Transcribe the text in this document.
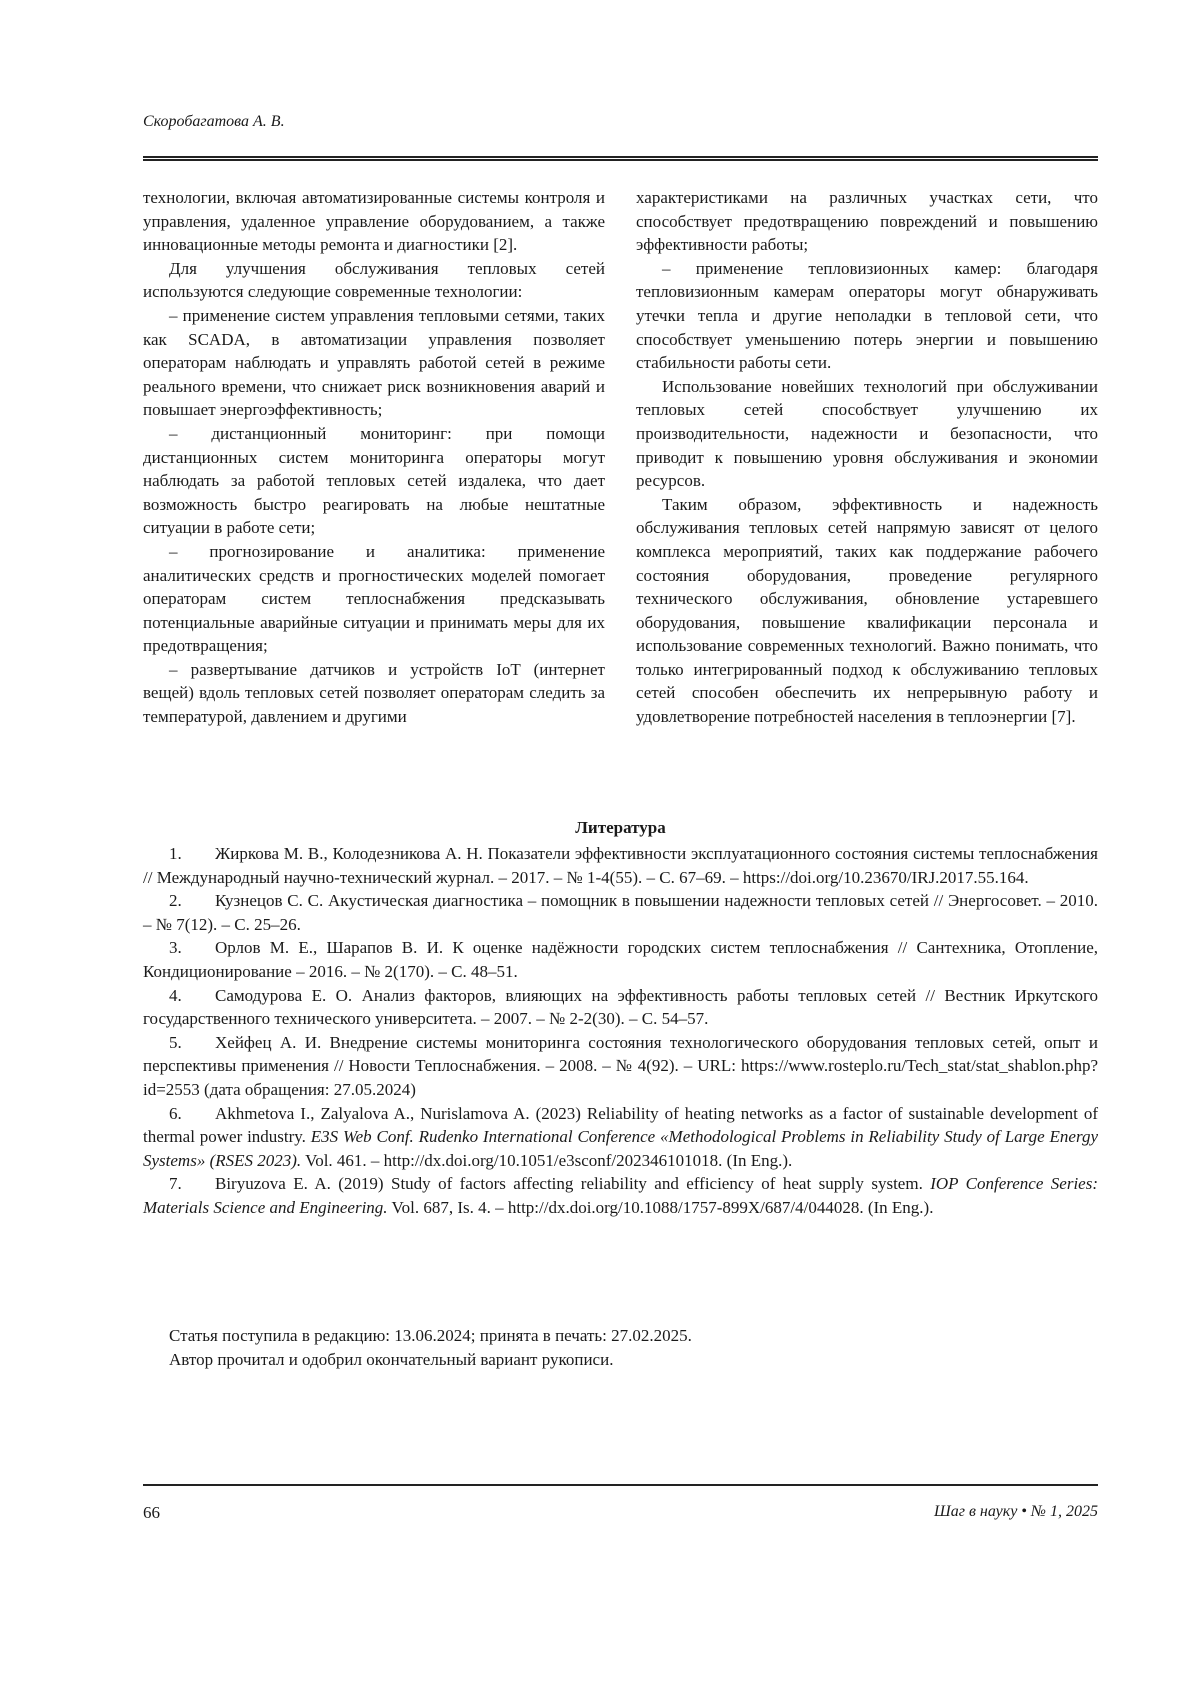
Скоробагатова А. В.

технологии, включая автоматизированные системы контроля и управления, удаленное управление оборудованием, а также инновационные методы ремонта и диагностики [2].

Для улучшения обслуживания тепловых сетей используются следующие современные технологии:

– применение систем управления тепловыми сетями, таких как SCADA, в автоматизации управления позволяет операторам наблюдать и управлять работой сетей в режиме реального времени, что снижает риск возникновения аварий и повышает энергоэффективность;

– дистанционный мониторинг: при помощи дистанционных систем мониторинга операторы могут наблюдать за работой тепловых сетей издалека, что дает возможность быстро реагировать на любые нештатные ситуации в работе сети;

– прогнозирование и аналитика: применение аналитических средств и прогностических моделей помогает операторам систем теплоснабжения предсказывать потенциальные аварийные ситуации и принимать меры для их предотвращения;

– развертывание датчиков и устройств IoT (интернет вещей) вдоль тепловых сетей позволяет операторам следить за температурой, давлением и другими

характеристиками на различных участках сети, что способствует предотвращению повреждений и повышению эффективности работы;

– применение тепловизионных камер: благодаря тепловизионным камерам операторы могут обнаруживать утечки тепла и другие неполадки в тепловой сети, что способствует уменьшению потерь энергии и повышению стабильности работы сети.

Использование новейших технологий при обслуживании тепловых сетей способствует улучшению их производительности, надежности и безопасности, что приводит к повышению уровня обслуживания и экономии ресурсов.

Таким образом, эффективность и надежность обслуживания тепловых сетей напрямую зависят от целого комплекса мероприятий, таких как поддержание рабочего состояния оборудования, проведение регулярного технического обслуживания, обновление устаревшего оборудования, повышение квалификации персонала и использование современных технологий. Важно понимать, что только интегрированный подход к обслуживанию тепловых сетей способен обеспечить их непрерывную работу и удовлетворение потребностей населения в теплоэнергии [7].

Литература

1. Жиркова М. В., Колодезникова А. Н. Показатели эффективности эксплуатационного состояния системы теплоснабжения // Международный научно-технический журнал. – 2017. – № 1-4(55). – С. 67–69. – https://doi.org/10.23670/IRJ.2017.55.164.

2. Кузнецов С. С. Акустическая диагностика – помощник в повышении надежности тепловых сетей // Энергосовет. – 2010. – № 7(12). – С. 25–26.

3. Орлов М. Е., Шарапов В. И. К оценке надёжности городских систем теплоснабжения // Сантехника, Отопление, Кондиционирование – 2016. – № 2(170). – С. 48–51.

4. Самодурова Е. О. Анализ факторов, влияющих на эффективность работы тепловых сетей // Вестник Иркутского государственного технического университета. – 2007. – № 2-2(30). – С. 54–57.

5. Хейфец А. И. Внедрение системы мониторинга состояния технологического оборудования тепловых сетей, опыт и перспективы применения // Новости Теплоснабжения. – 2008. – № 4(92). – URL: https://www.rosteplo.ru/Tech_stat/stat_shablon.php?id=2553 (дата обращения: 27.05.2024)

6. Akhmetova I., Zalyalova A., Nurislamova A. (2023) Reliability of heating networks as a factor of sustainable development of thermal power industry. E3S Web Conf. Rudenko International Conference «Methodological Problems in Reliability Study of Large Energy Systems» (RSES 2023). Vol. 461. – http://dx.doi.org/10.1051/e3sconf/202346101018. (In Eng.).

7. Biryuzova E. A. (2019) Study of factors affecting reliability and efficiency of heat supply system. IOP Conference Series: Materials Science and Engineering. Vol. 687, Is. 4. – http://dx.doi.org/10.1088/1757-899X/687/4/044028. (In Eng.).

Статья поступила в редакцию: 13.06.2024; принята в печать: 27.02.2025.

Автор прочитал и одобрил окончательный вариант рукописи.

66	Шаг в науку • № 1, 2025
